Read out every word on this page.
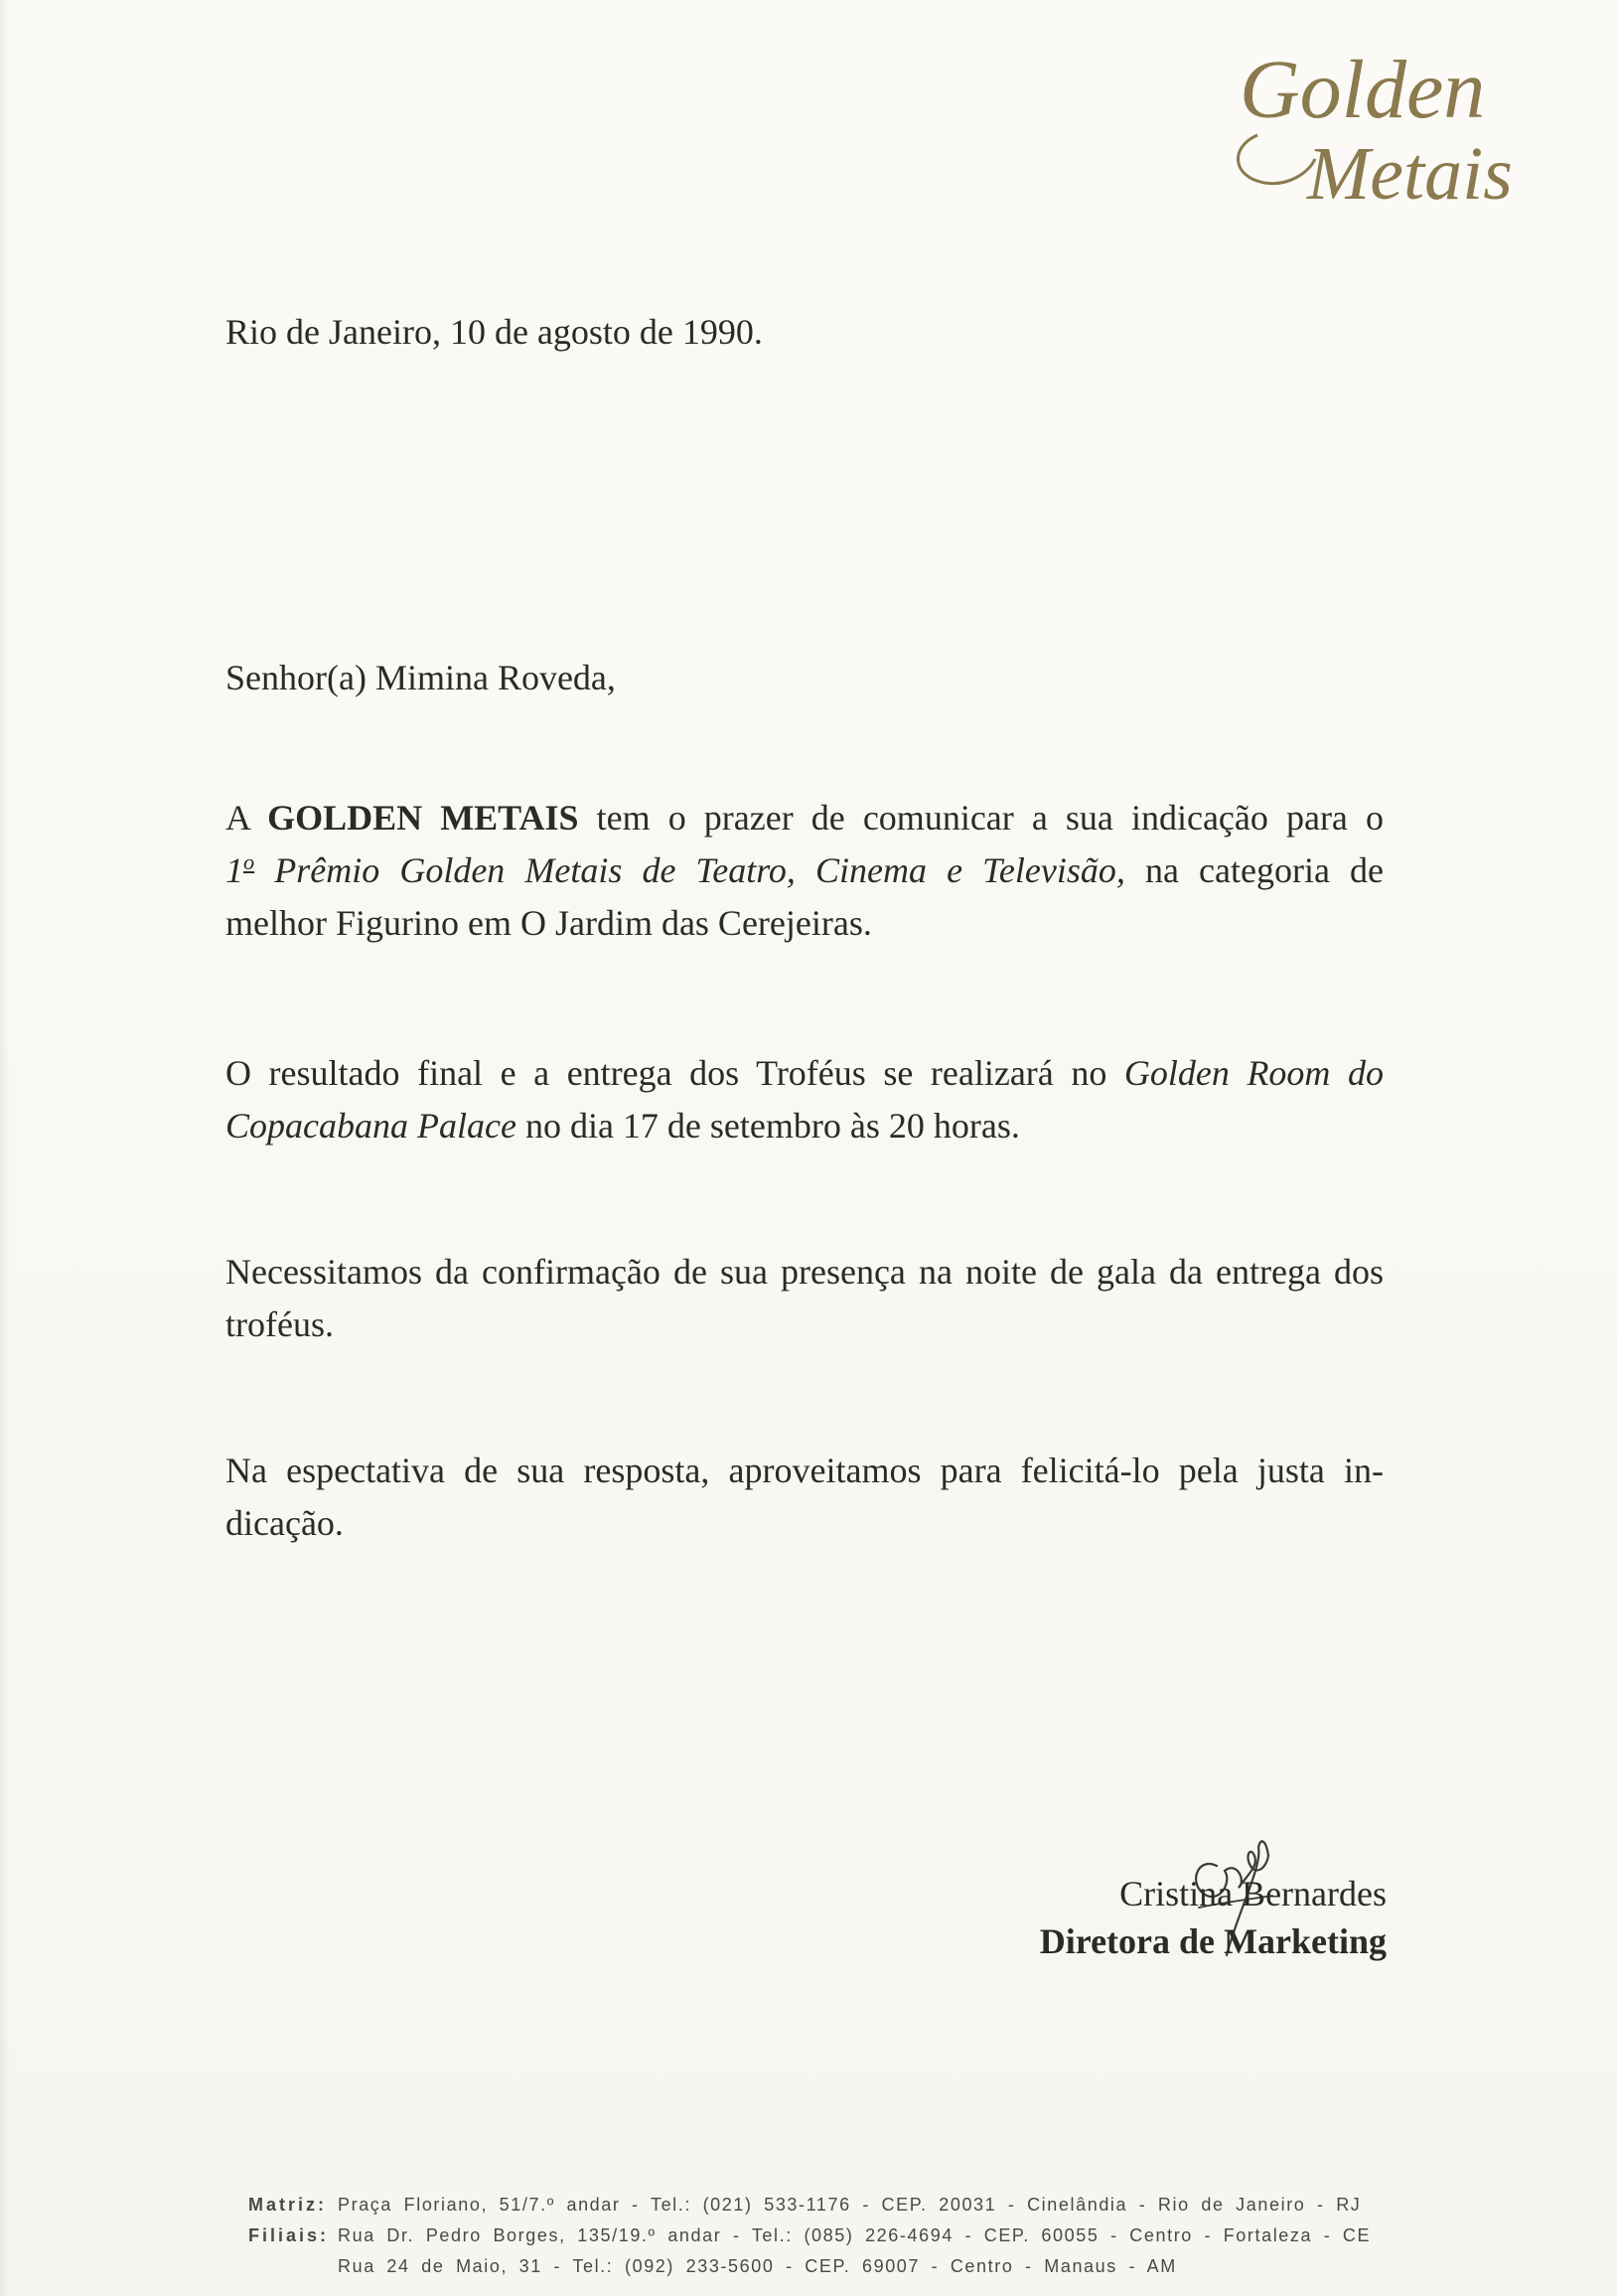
Golden
Metais
Rio de Janeiro, 10 de agosto de 1990.
Senhor(a) Mimina Roveda,
A GOLDEN METAIS tem o prazer de comunicar a sua indicação para o
1$^o$ Prêmio Golden Metais de Teatro, Cinema e Televisão, na categoria de
melhor Figurino em O Jardim das Cerejeiras.
O resultado final e a entrega dos Troféus se realizará no Golden Room do
Copacabana Palace no dia 17 de setembro às 20 horas.
Necessitamos da confirmação de sua presença na noite de gala da entrega dos
troféus.
Na espectativa de sua resposta, aproveitamos para felicitá-lo pela justa in-
dicação.
Cristina Bernardes
Diretora de Marketing
Matriz: Praça Floriano, 51/7.º andar - Tel.: (021) 533-1176 - CEP. 20031 - Cinelândia - Rio de Janeiro - RJ
Filiais: Rua Dr. Pedro Borges, 135/19.º andar - Tel.: (085) 226-4694 - CEP. 60055 - Centro - Fortaleza - CE
Rua 24 de Maio, 31 - Tel.: (092) 233-5600 - CEP. 69007 - Centro - Manaus - AM
